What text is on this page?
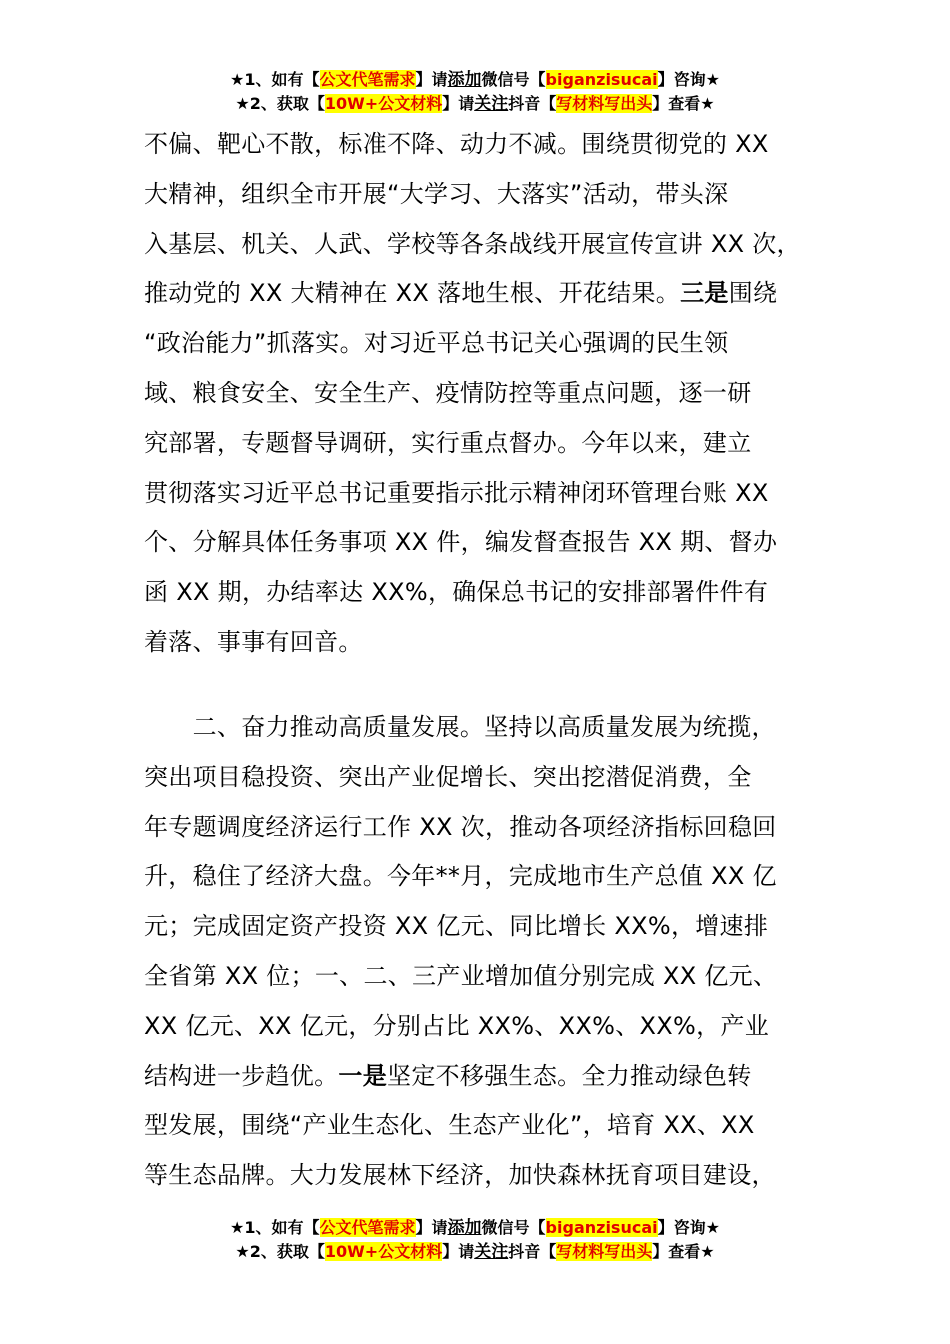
★1、如有【公文代笔需求】请添加微信号【biganzisucai】咨询★
★2、获取【10W+公文材料】请关注抖音【写材料写出头】查看★
不偏、靶心不散，标准不降、动力不减。围绕贯彻党的 XX
大精神，组织全市开展“大学习、大落实”活动，带头深
入基层、机关、人武、学校等各条战线开展宣传宣讲 XX 次，
推动党的 XX 大精神在 XX 落地生根、开花结果。三是围绕
“政治能力”抓落实。对习近平总书记关心强调的民生领
域、粮食安全、安全生产、疫情防控等重点问题，逐一研
究部署，专题督导调研，实行重点督办。今年以来，建立
贯彻落实习近平总书记重要指示批示精神闭环管理台账 XX
个、分解具体任务事项 XX 件，编发督查报告 XX 期、督办
函 XX 期，办结率达 XX%，确保总书记的安排部署件件有
着落、事事有回音。
　　二、奋力推动高质量发展。坚持以高质量发展为统揽，
突出项目稳投资、突出产业促增长、突出挖潜促消费，全
年专题调度经济运行工作 XX 次，推动各项经济指标回稳回
升，稳住了经济大盘。今年**月，完成地市生产总值 XX 亿
元；完成固定资产投资 XX 亿元、同比增长 XX%，增速排
全省第 XX 位；一、二、三产业增加值分别完成 XX 亿元、
XX 亿元、XX 亿元，分别占比 XX%、XX%、XX%，产业
结构进一步趋优。一是坚定不移强生态。全力推动绿色转
型发展，围绕“产业生态化、生态产业化”，培育 XX、XX
等生态品牌。大力发展林下经济，加快森林抚育项目建设，
★1、如有【公文代笔需求】请添加微信号【biganzisucai】咨询★
★2、获取【10W+公文材料】请关注抖音【写材料写出头】查看★
